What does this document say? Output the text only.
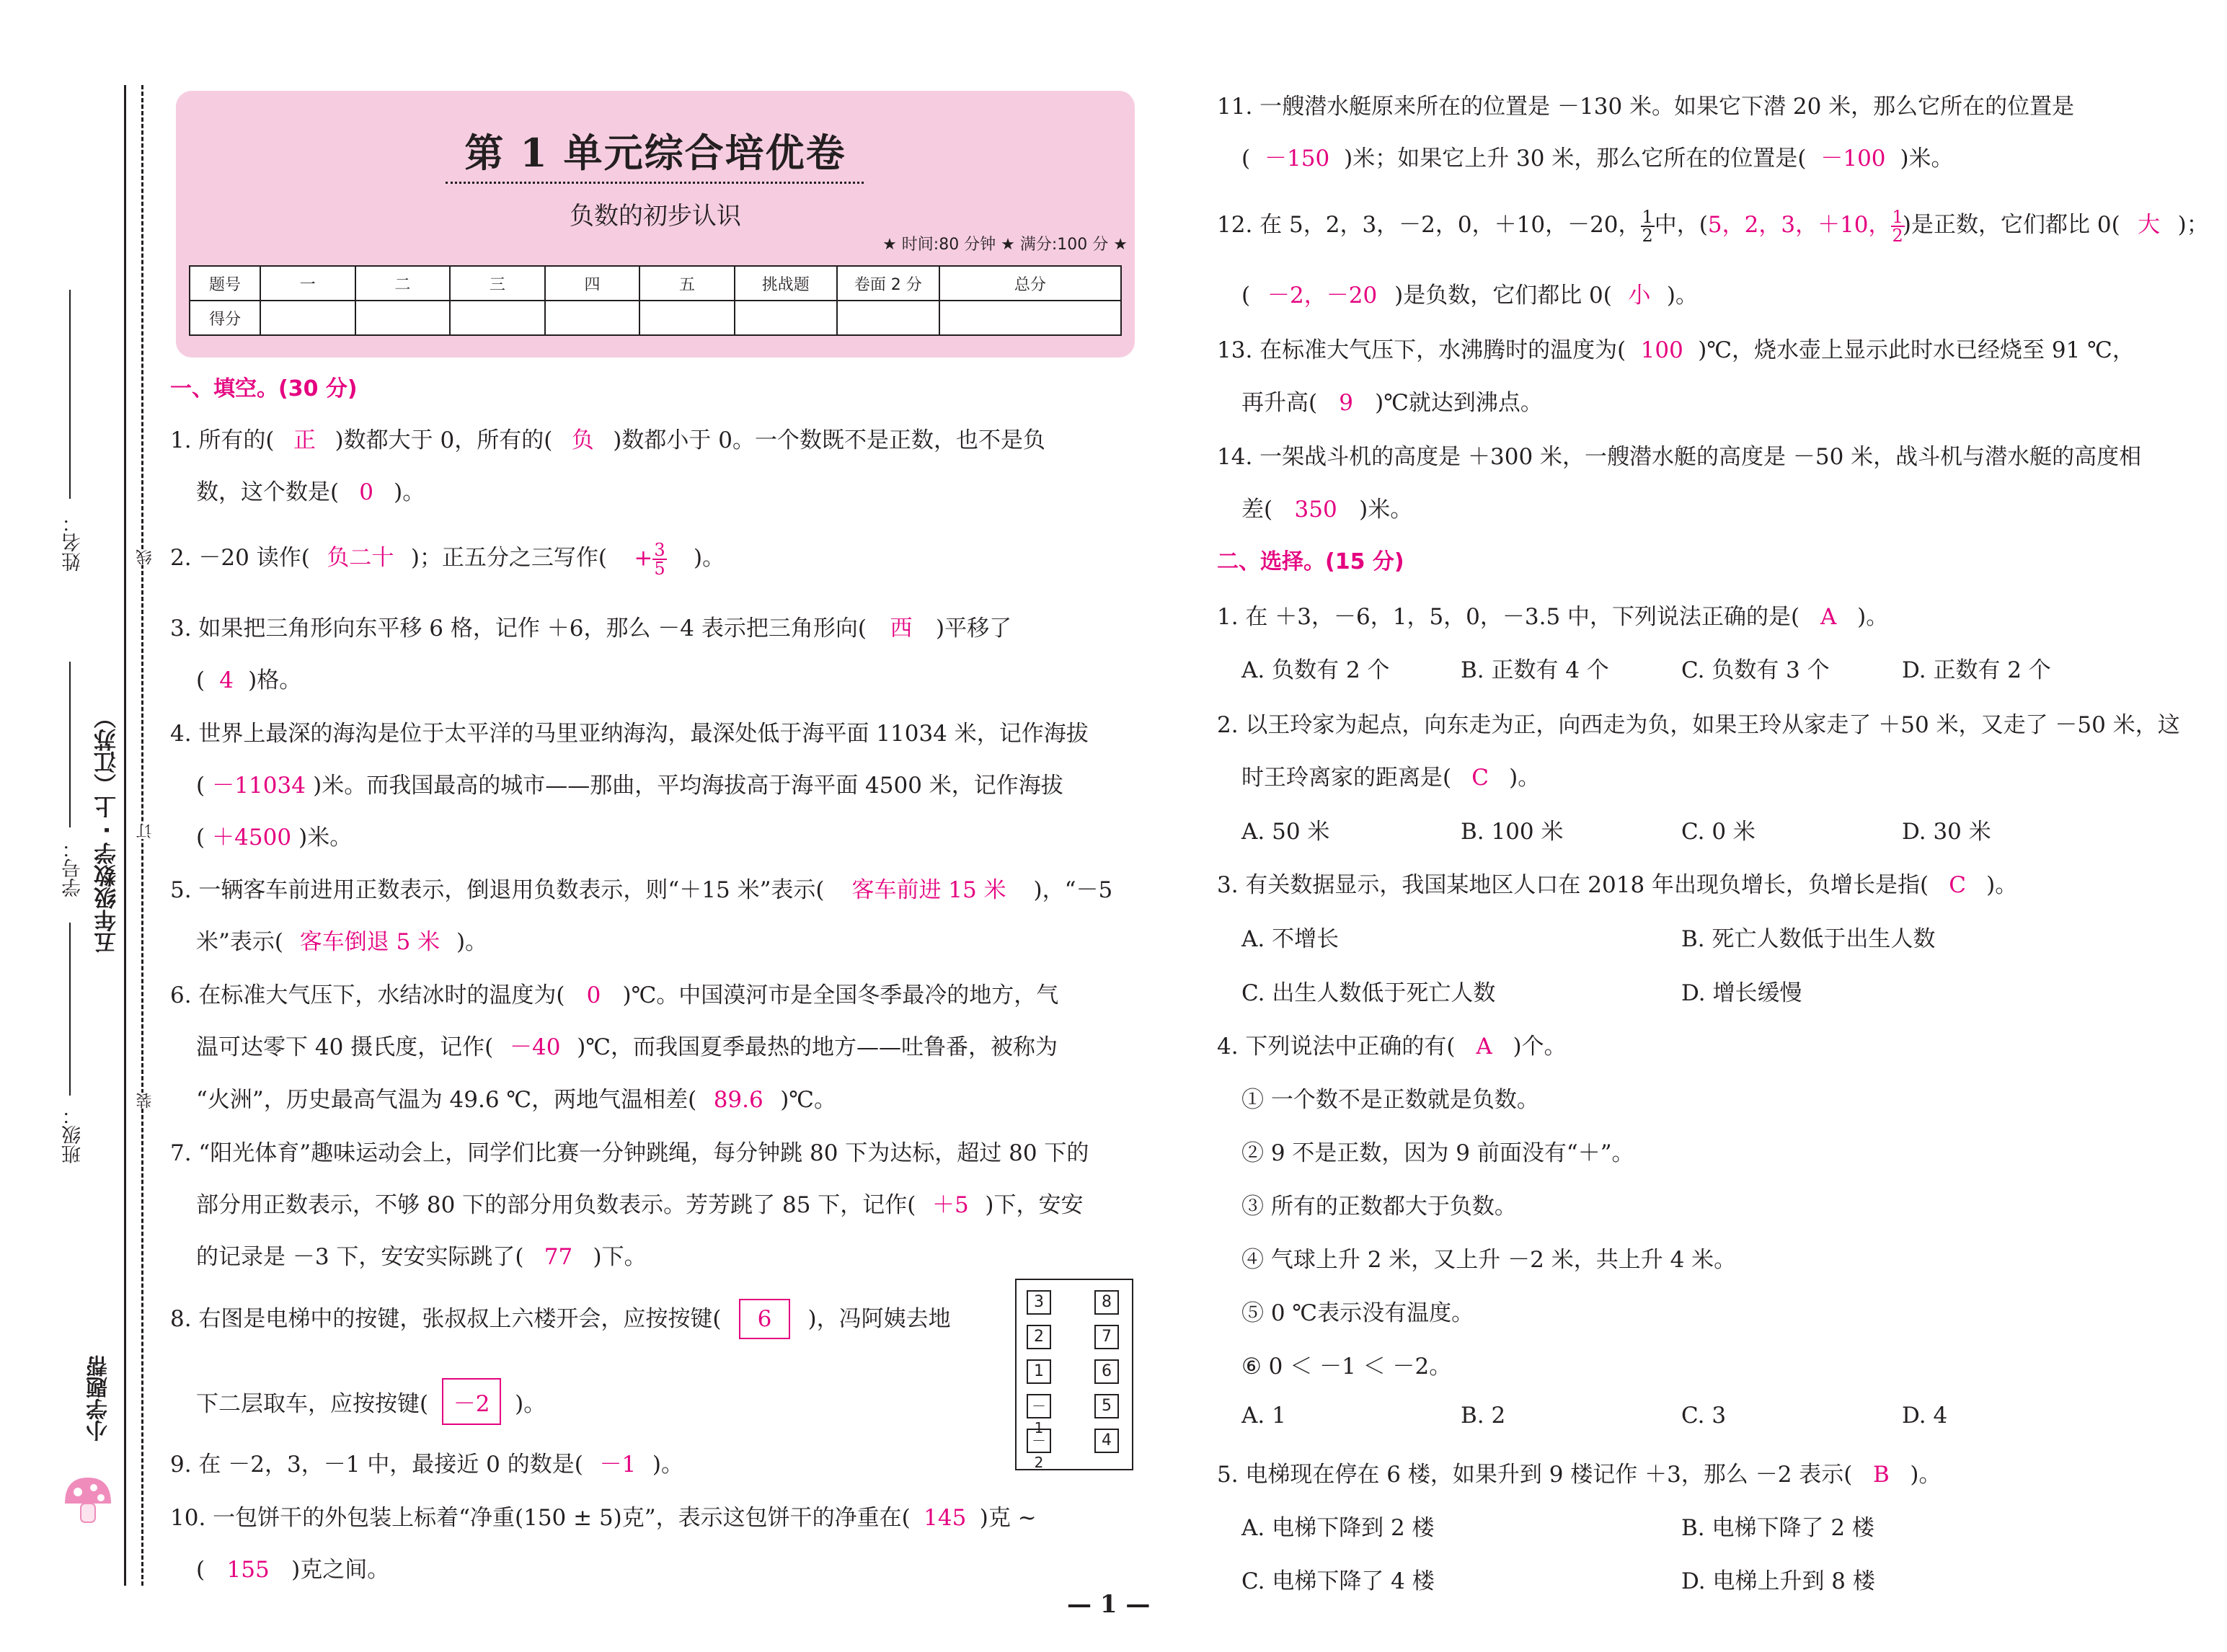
姓名：
学号：
班级：
五年级数学 · 上（江苏）
线
订
装
小学题帮
第 1 单元综合培优卷
负数的初步认识
★ 时间:80 分钟 ★ 满分:100 分 ★
题号	一	二	三	四	五	挑战题	卷面 2 分	总分
得分								
一、填空。(30 分)
1. 所有的( 正 )数都大于 0，所有的( 负 )数都小于 0。一个数既不是正数，也不是负
数，这个数是( 0 )。
2. －20 读作( 负二十 )；正五分之三写作( + $\frac{3}{5}$ )。
3. 如果把三角形向东平移 6 格，记作 ＋6，那么 －4 表示把三角形向( 西 )平移了
( 4 )格。
4. 世界上最深的海沟是位于太平洋的马里亚纳海沟，最深处低于海平面 11034 米，记作海拔
( －11034 )米。而我国最高的城市——那曲，平均海拔高于海平面 4500 米，记作海拔
( ＋4500 )米。
5. 一辆客车前进用正数表示，倒退用负数表示，则“＋15 米”表示( 客车前进 15 米 )，“－5
米”表示( 客车倒退 5 米 )。
6. 在标准大气压下，水结冰时的温度为( 0 )℃。中国漠河市是全国冬季最冷的地方，气
温可达零下 40 摄氏度，记作( －40 )℃，而我国夏季最热的地方——吐鲁番，被称为
“火洲”，历史最高气温为 49.6 ℃，两地气温相差( 89.6 )℃。
7. “阳光体育”趣味运动会上，同学们比赛一分钟跳绳，每分钟跳 80 下为达标，超过 80 下的
部分用正数表示，不够 80 下的部分用负数表示。芳芳跳了 85 下，记作( ＋5 )下，安安
的记录是 －3 下，安安实际跳了( 77 )下。
8. 右图是电梯中的按键，张叔叔上六楼开会，应按按键( 6 )，冯阿姨去地
下二层取车，应按按键( －2 )。
3
2
1
－1
－2
8
7
6
5
4
9. 在 －2，3，－1 中，最接近 0 的数是( －1 )。
10. 一包饼干的外包装上标着“净重(150 ± 5)克”，表示这包饼干的净重在( 145 )克 ~
( 155 )克之间。
11. 一艘潜水艇原来所在的位置是 －130 米。如果它下潜 20 米，那么它所在的位置是
( －150 )米；如果它上升 30 米，那么它所在的位置是( －100 )米。
12. 在 5，2，3，－2，0，＋10，－20， $\frac{1}{2}$ 中，(5，2，3，＋10， $\frac{1}{2}$
)是正数，它们都比 0( 大 )；
( －2，－20 )是负数，它们都比 0( 小 )。
13. 在标准大气压下，水沸腾时的温度为( 100 )℃，烧水壶上显示此时水已经烧至 91 ℃，
再升高( 9 )℃就达到沸点。
14. 一架战斗机的高度是 ＋300 米，一艘潜水艇的高度是 －50 米，战斗机与潜水艇的高度相
差( 350 )米。
二、选择。(15 分)
1. 在 ＋3，－6，1，5，0，－3.5 中，下列说法正确的是( A )。
A. 负数有 2 个	B. 正数有 4 个	C. 负数有 3 个	D. 正数有 2 个
2. 以王玲家为起点，向东走为正，向西走为负，如果王玲从家走了 ＋50 米，又走了 －50 米，这
时王玲离家的距离是( C )。
A. 50 米	B. 100 米	C. 0 米	D. 30 米
3. 有关数据显示，我国某地区人口在 2018 年出现负增长，负增长是指( C )。
A. 不增长	B. 死亡人数低于出生人数
C. 出生人数低于死亡人数	D. 增长缓慢
4. 下列说法中正确的有( A )个。
① 一个数不是正数就是负数。
② 9 不是正数，因为 9 前面没有“＋”。
③ 所有的正数都大于负数。
④ 气球上升 2 米，又上升 －2 米，共上升 4 米。
⑤ 0 ℃表示没有温度。
⑥ 0 ＜ －1 ＜ －2。
A. 1	B. 2	C. 3	D. 4
5. 电梯现在停在 6 楼，如果升到 9 楼记作 ＋3，那么 －2 表示( B )。
A. 电梯下降到 2 楼	B. 电梯下降了 2 楼
C. 电梯下降了 4 楼	D. 电梯上升到 8 楼
— 1 —
